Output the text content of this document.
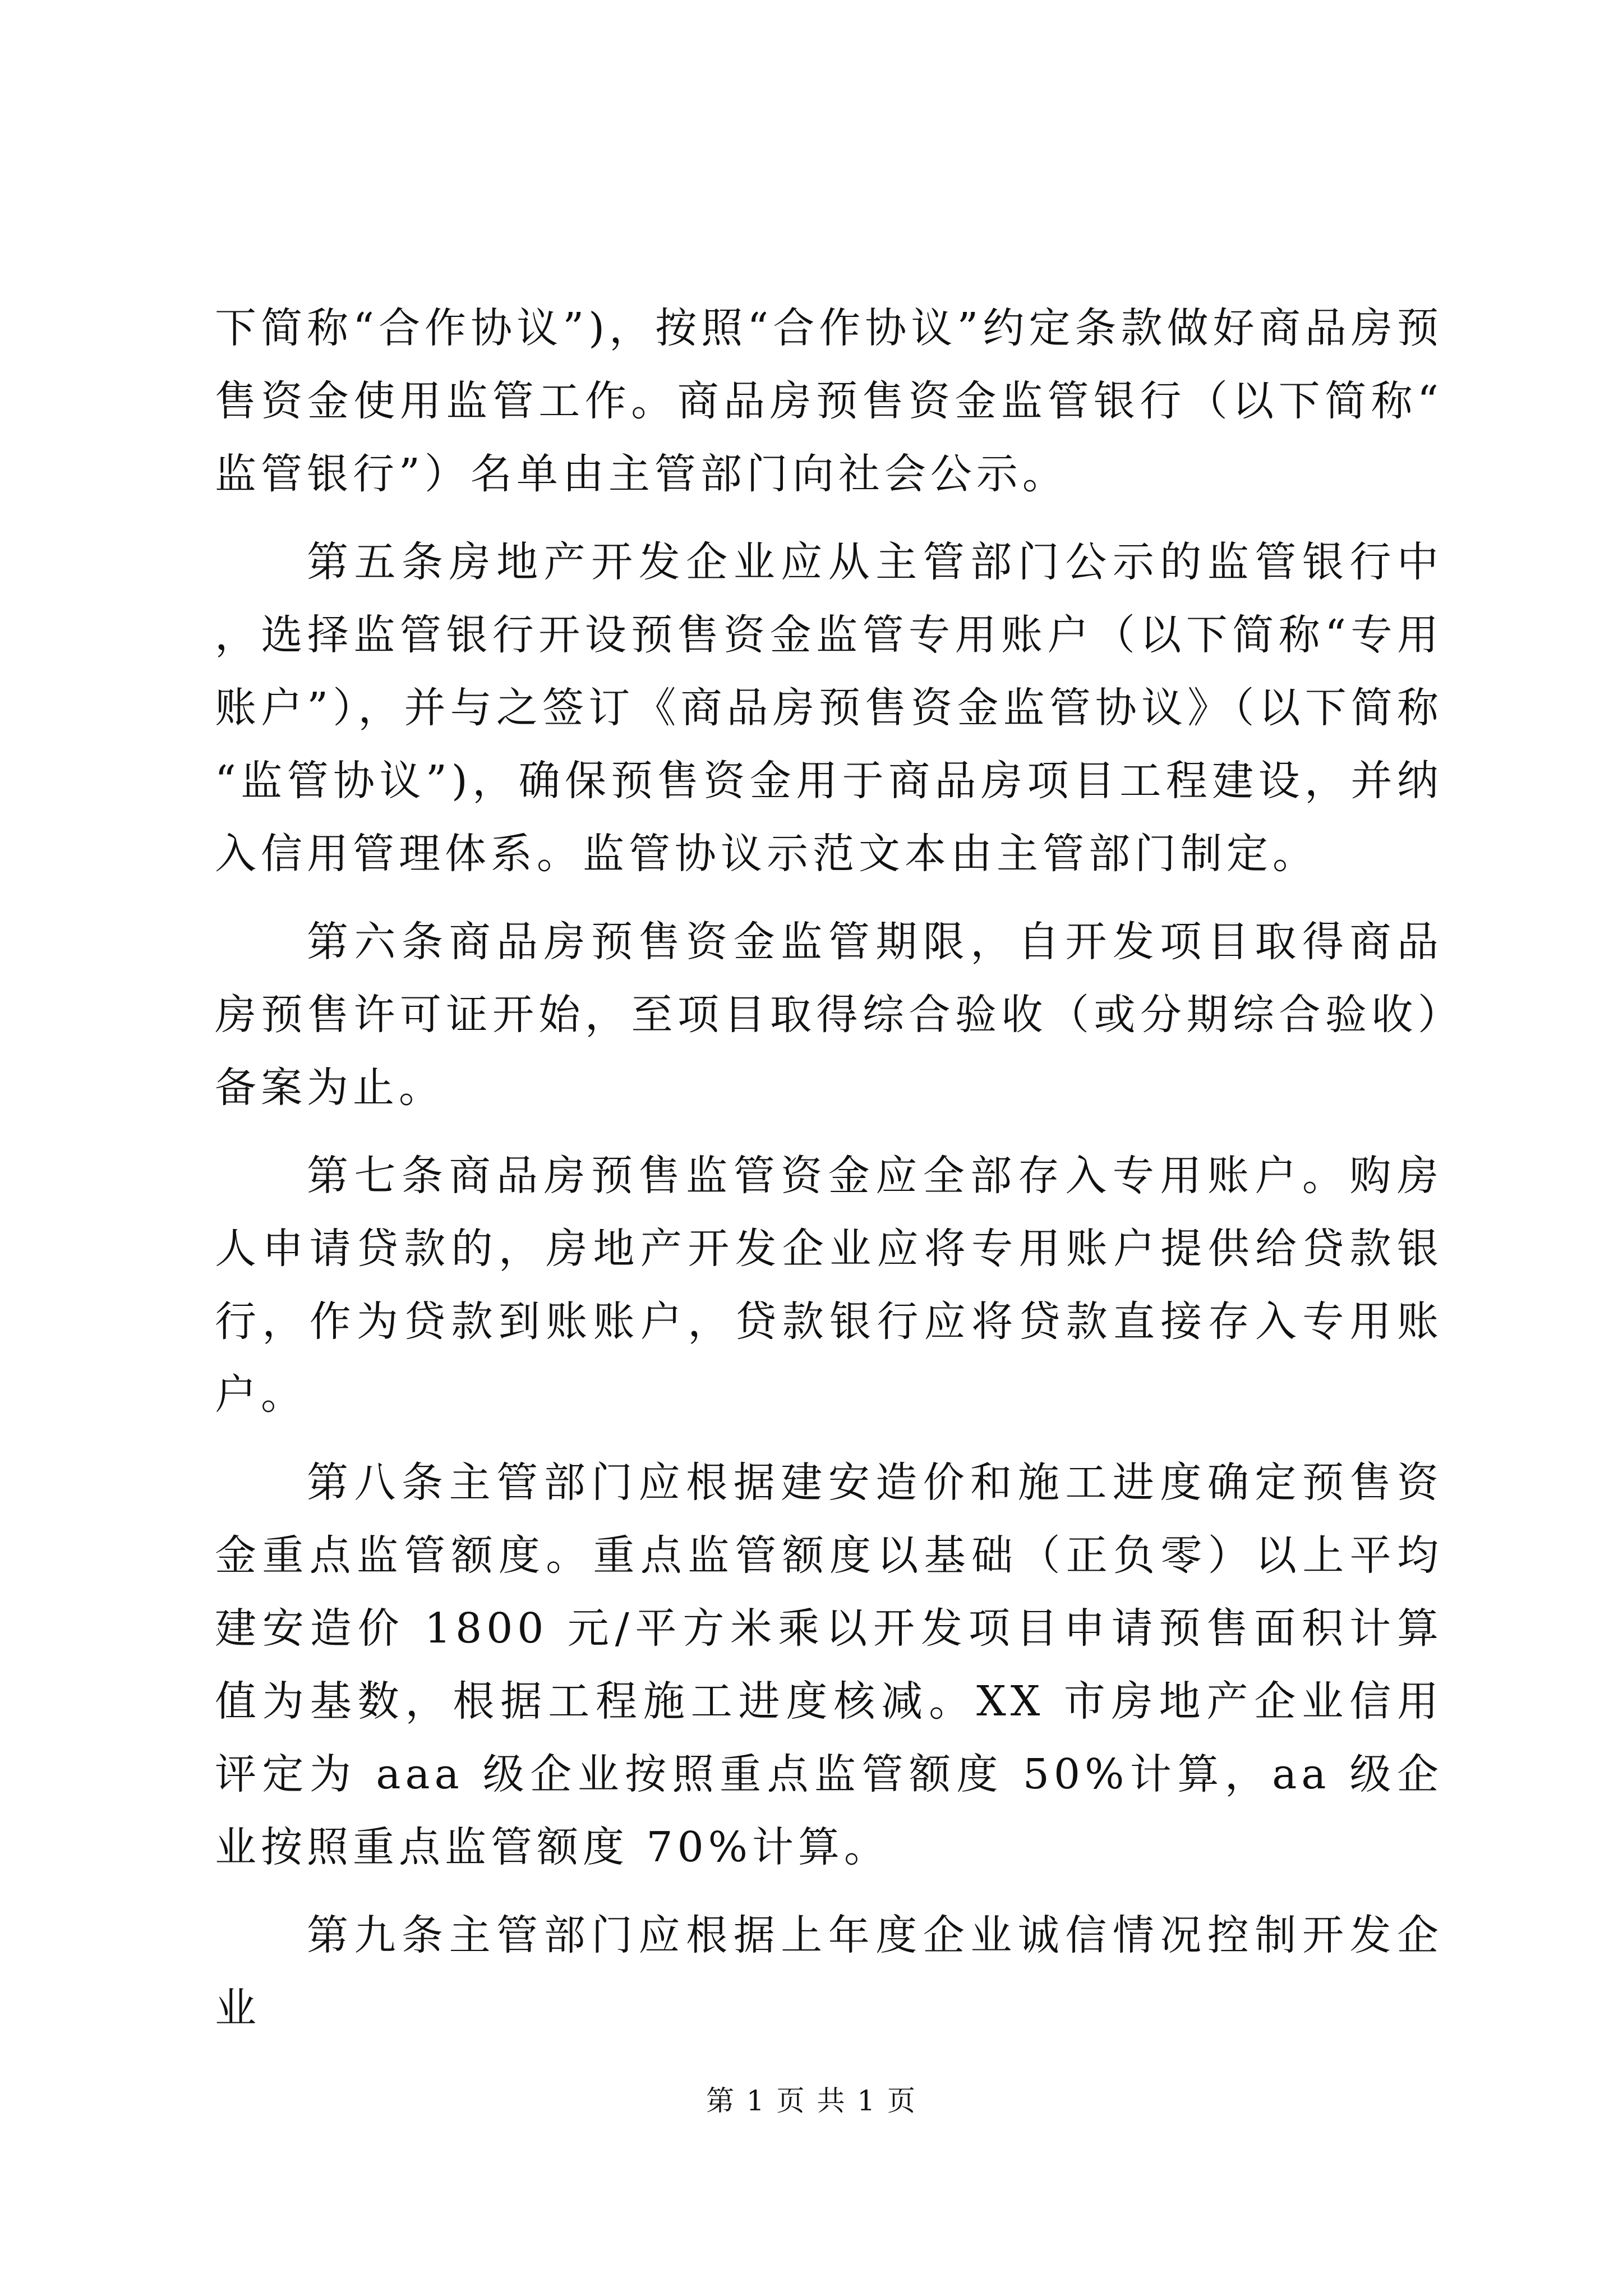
下简称“合作协议”)，按照“合作协议”约定条款做好商品房预售资金使用监管工作。商品房预售资金监管银行（以下简称“监管银行”）名单由主管部门向社会公示。

第五条房地产开发企业应从主管部门公示的监管银行中，选择监管银行开设预售资金监管专用账户（以下简称“专用账户”），并与之签订《商品房预售资金监管协议》（以下简称“监管协议”)，确保预售资金用于商品房项目工程建设，并纳入信用管理体系。监管协议示范文本由主管部门制定。

第六条商品房预售资金监管期限，自开发项目取得商品房预售许可证开始，至项目取得综合验收（或分期综合验收）备案为止。

第七条商品房预售监管资金应全部存入专用账户。购房人申请贷款的，房地产开发企业应将专用账户提供给贷款银行，作为贷款到账账户，贷款银行应将贷款直接存入专用账户。

第八条主管部门应根据建安造价和施工进度确定预售资金重点监管额度。重点监管额度以基础（正负零）以上平均建安造价 1800 元/平方米乘以开发项目申请预售面积计算值为基数，根据工程施工进度核减。XX 市房地产企业信用评定为 aaa 级企业按照重点监管额度 50%计算，aa 级企业按照重点监管额度 70%计算。

第九条主管部门应根据上年度企业诚信情况控制开发企业

第 1 页 共 1 页
